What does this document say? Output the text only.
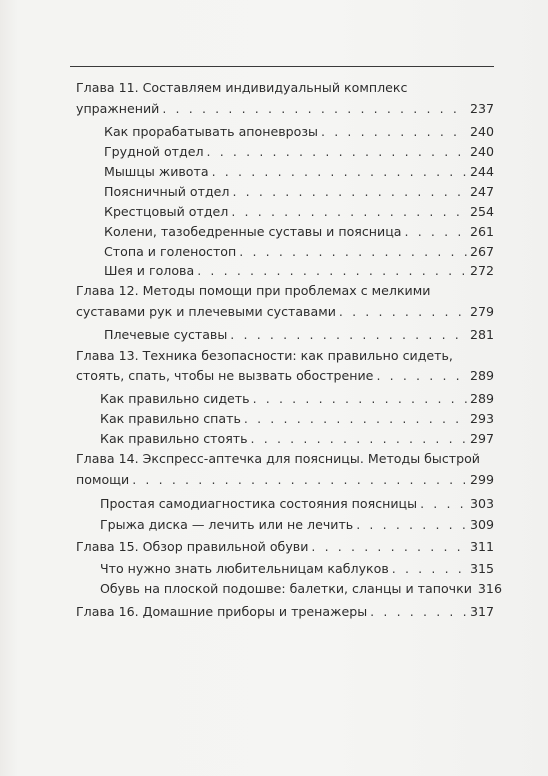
Глава 11. Составляем индивидуальный комплекс
упражнений . . .	237
Как прорабатывать апоневрозы . . .	240
Грудной отдел . . .	240
Мышцы живота . . .	244
Поясничный отдел . . .	247
Крестцовый отдел . . .	254
Колени, тазобедренные суставы и поясница . . .	261
Стопа и голеностоп . . .	267
Шея и голова . . .	272
Глава 12. Методы помощи при проблемах с мелкими
суставами рук и плечевыми суставами . . .	279
Плечевые суставы . . .	281
Глава 13. Техника безопасности: как правильно сидеть,
стоять, спать, чтобы не вызвать обострение . . .	289
Как правильно сидеть . . .	289
Как правильно спать . . .	293
Как правильно стоять . . .	297
Глава 14. Экспресс-аптечка для поясницы. Методы быстрой
помощи . . .	299
Простая самодиагностика состояния поясницы . . .	303
Грыжа диска — лечить или не лечить . . .	309
Глава 15. Обзор правильной обуви . . .	311
Что нужно знать любительницам каблуков . . .	315
Обувь на плоской подошве: балетки, сланцы и тапочки 316
Глава 16. Домашние приборы и тренажеры . . .	317
